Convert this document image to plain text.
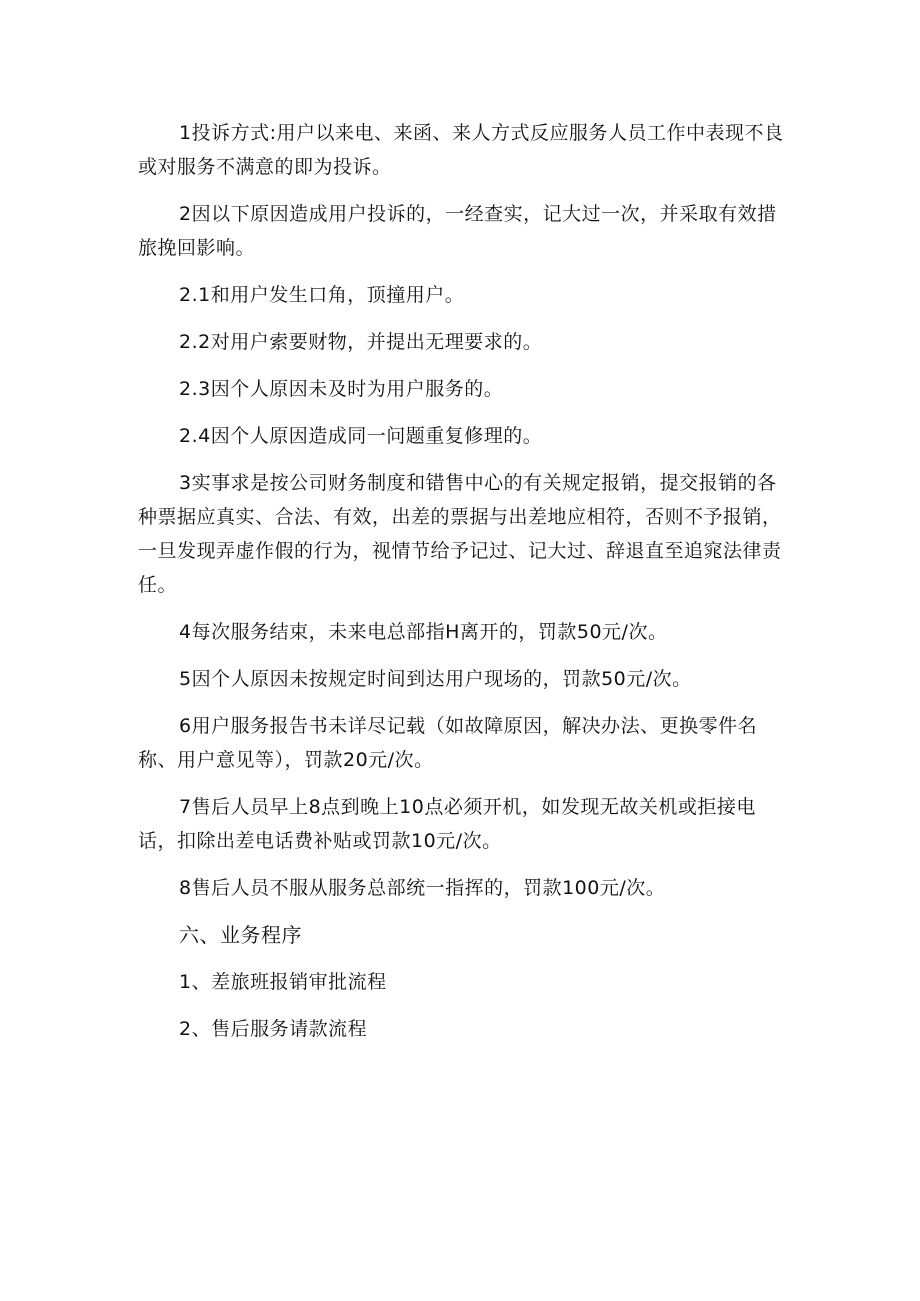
1投诉方式:用户以来电、来函、来人方式反应服务人员工作中表现不良或对服务不满意的即为投诉。

2因以下原因造成用户投诉的，一经查实，记大过一次，并采取有效措旅挽回影响。

2.1和用户发生口角，顶撞用户。

2.2对用户索要财物，并提出无理要求的。

2.3因个人原因未及时为用户服务的。

2.4因个人原因造成同一问题重复修理的。

3实事求是按公司财务制度和错售中心的有关规定报销，提交报销的各种票据应真实、合法、有效，出差的票据与出差地应相符，否则不予报销，一旦发现弄虚作假的行为，视情节给予记过、记大过、辞退直至追窕法律责任。

4每次服务结束，未来电总部指H离开的，罚款50元/次。

5因个人原因未按规定时间到达用户现场的，罚款50元/次。

6用户服务报告书未详尽记载（如故障原因，解决办法、更换零件名称、用户意见等），罚款20元/次。

7售后人员早上8点到晚上10点必须开机，如发现无故关机或拒接电话，扣除出差电话费补贴或罚款10元/次。

8售后人员不服从服务总部统一指挥的，罚款100元/次。

六、业务程序

1、差旅班报销审批流程

2、售后服务请款流程
